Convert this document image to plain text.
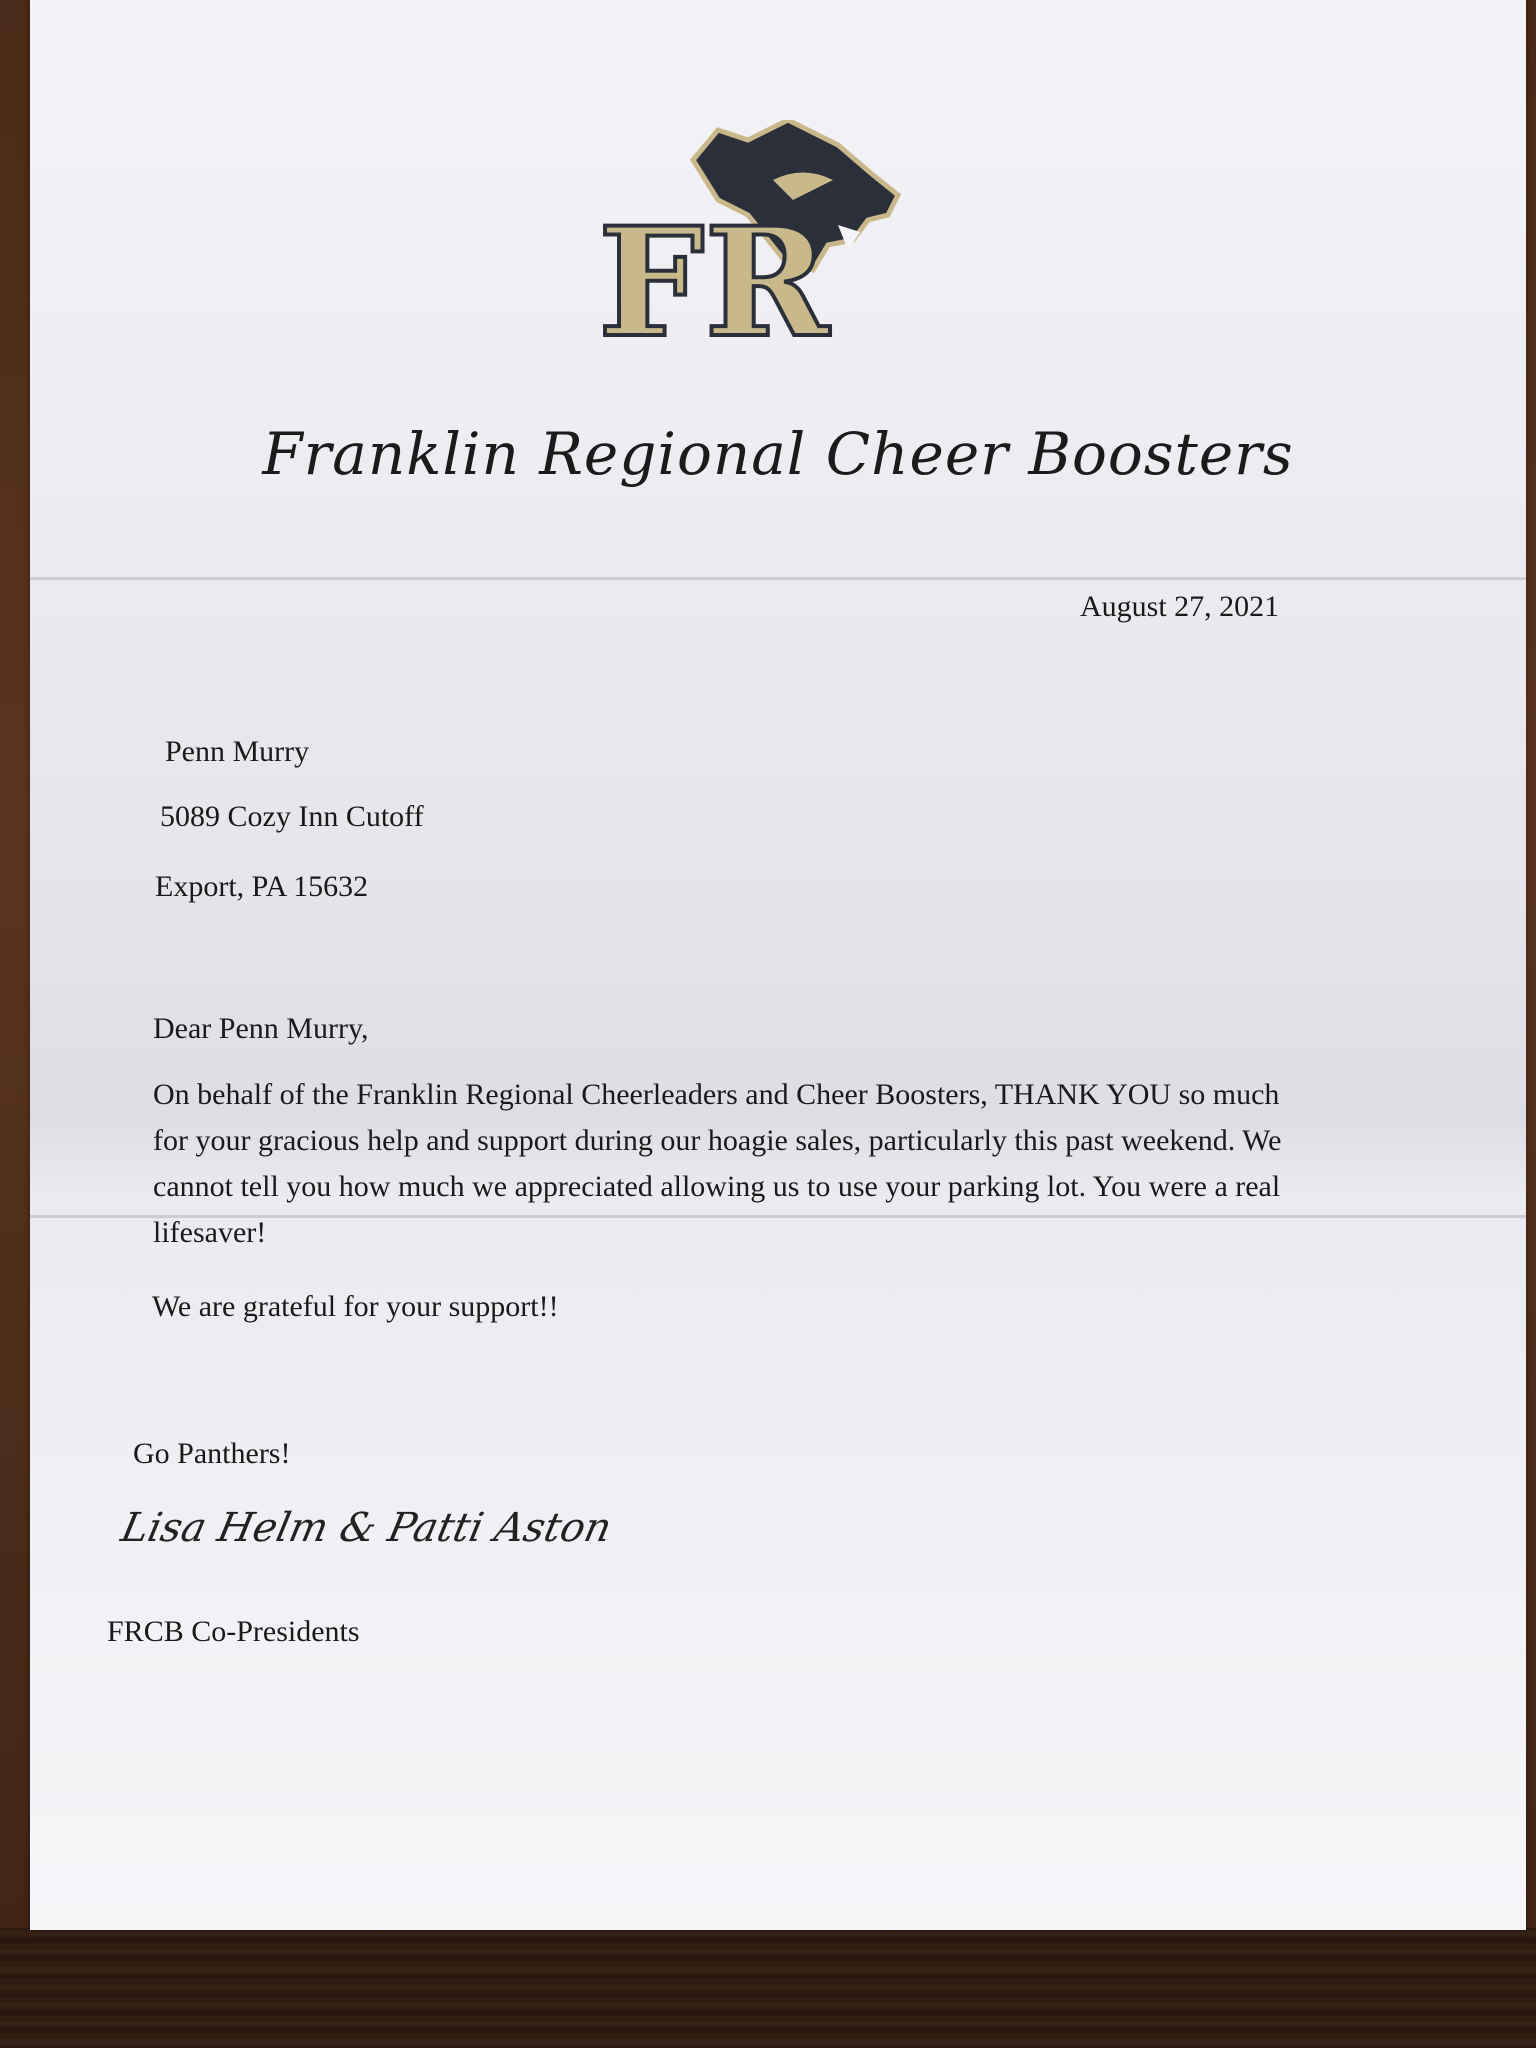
FR
Franklin Regional Cheer Boosters
August 27, 2021
Penn Murry
5089 Cozy Inn Cutoff
Export, PA 15632
Dear Penn Murry,
On behalf of the Franklin Regional Cheerleaders and Cheer Boosters, THANK YOU so much for your gracious help and support during our hoagie sales, particularly this past weekend. We cannot tell you how much we appreciated allowing us to use your parking lot. You were a real lifesaver!
We are grateful for your support!!
Go Panthers!
Lisa Helm & Patti Aston
FRCB Co-Presidents
